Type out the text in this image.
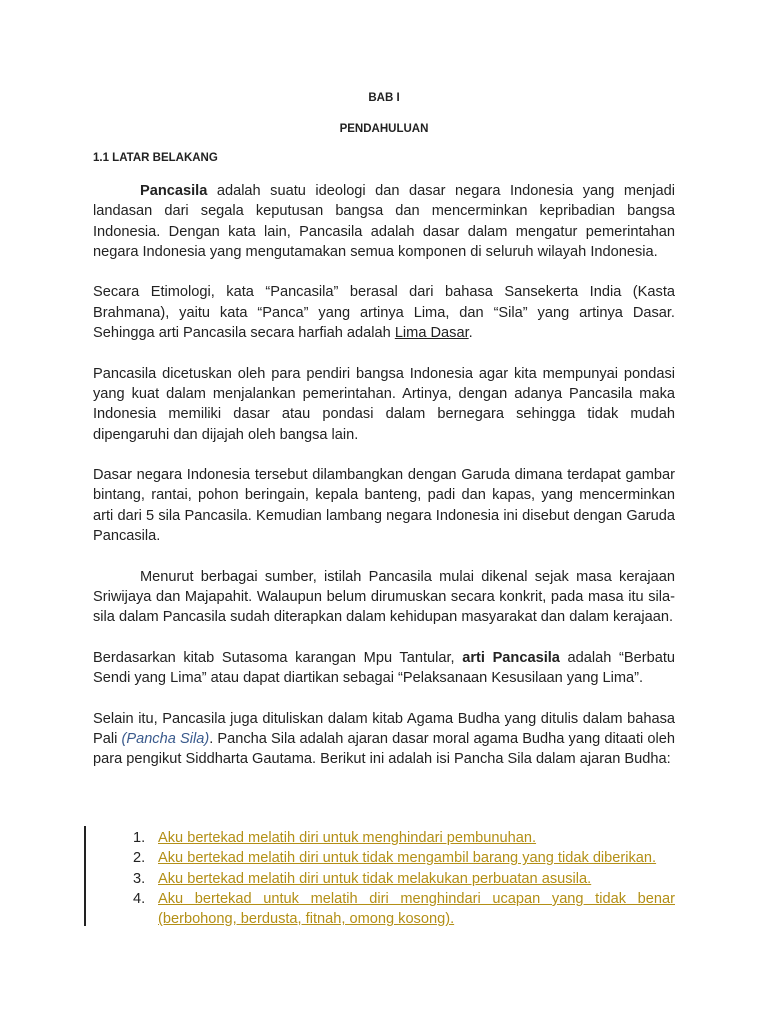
BAB I
PENDAHULUAN
1.1 LATAR BELAKANG

Pancasila adalah suatu ideologi dan dasar negara Indonesia yang menjadi landasan dari segala keputusan bangsa dan mencerminkan kepribadian bangsa Indonesia. Dengan kata lain, Pancasila adalah dasar dalam mengatur pemerintahan negara Indonesia yang mengutamakan semua komponen di seluruh wilayah Indonesia.

Secara Etimologi, kata “Pancasila” berasal dari bahasa Sansekerta India (Kasta Brahmana), yaitu kata “Panca” yang artinya Lima, dan “Sila” yang artinya Dasar. Sehingga arti Pancasila secara harfiah adalah Lima Dasar.

Pancasila dicetuskan oleh para pendiri bangsa Indonesia agar kita mempunyai pondasi yang kuat dalam menjalankan pemerintahan. Artinya, dengan adanya Pancasila maka Indonesia memiliki dasar atau pondasi dalam bernegara sehingga tidak mudah dipengaruhi dan dijajah oleh bangsa lain.

Dasar negara Indonesia tersebut dilambangkan dengan Garuda dimana terdapat gambar bintang, rantai, pohon beringain, kepala banteng, padi dan kapas, yang mencerminkan arti dari 5 sila Pancasila. Kemudian lambang negara Indonesia ini disebut dengan Garuda Pancasila.

Menurut berbagai sumber, istilah Pancasila mulai dikenal sejak masa kerajaan Sriwijaya dan Majapahit. Walaupun belum dirumuskan secara konkrit, pada masa itu sila-sila dalam Pancasila sudah diterapkan dalam kehidupan masyarakat dan dalam kerajaan.

Berdasarkan kitab Sutasoma karangan Mpu Tantular, arti Pancasila adalah “Berbatu Sendi yang Lima” atau dapat diartikan sebagai “Pelaksanaan Kesusilaan yang Lima”.

Selain itu, Pancasila juga dituliskan dalam kitab Agama Budha yang ditulis dalam bahasa Pali (Pancha Sila). Pancha Sila adalah ajaran dasar moral agama Budha yang ditaati oleh para pengikut Siddharta Gautama. Berikut ini adalah isi Pancha Sila dalam ajaran Budha:

1. Aku bertekad melatih diri untuk menghindari pembunuhan.
2. Aku bertekad melatih diri untuk tidak mengambil barang yang tidak diberikan.
3. Aku bertekad melatih diri untuk tidak melakukan perbuatan asusila.
4. Aku bertekad untuk melatih diri menghindari ucapan yang tidak benar (berbohong, berdusta, fitnah, omong kosong).
